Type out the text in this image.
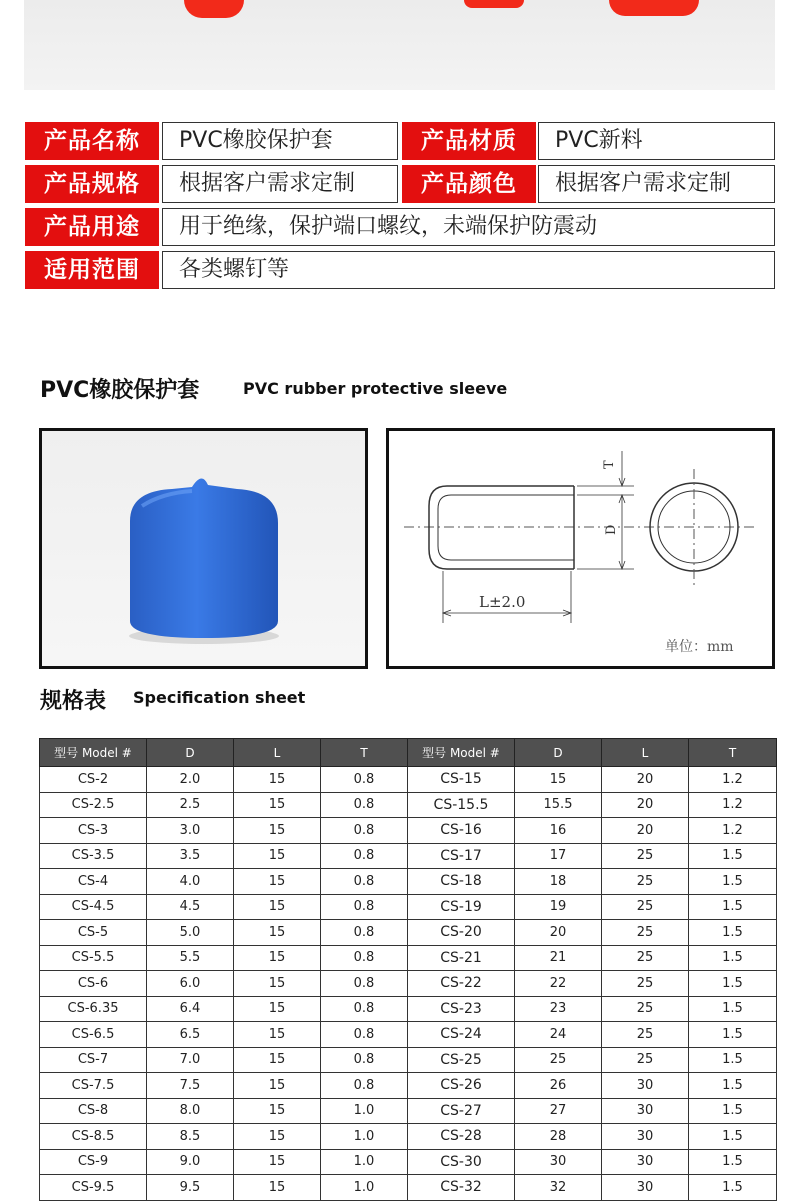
产品名称	PVC橡胶保护套	产品材质	PVC新料
产品规格	根据客户需求定制	产品颜色	根据客户需求定制
产品用途	用于绝缘，保护端口螺纹，未端保护防震动
适用范围	各类螺钉等
PVC橡胶保护套	PVC rubber protective sleeve
D
T
L±2.0
单位：mm
规格表 Specification sheet
型号 Model #	D	L	T	型号 Model #	D	L	T
CS-2	2.0	15	0.8	CS-15	15	20	1.2
CS-2.5	2.5	15	0.8	CS-15.5	15.5	20	1.2
CS-3	3.0	15	0.8	CS-16	16	20	1.2
CS-3.5	3.5	15	0.8	CS-17	17	25	1.5
CS-4	4.0	15	0.8	CS-18	18	25	1.5
CS-4.5	4.5	15	0.8	CS-19	19	25	1.5
CS-5	5.0	15	0.8	CS-20	20	25	1.5
CS-5.5	5.5	15	0.8	CS-21	21	25	1.5
CS-6	6.0	15	0.8	CS-22	22	25	1.5
CS-6.35	6.4	15	0.8	CS-23	23	25	1.5
CS-6.5	6.5	15	0.8	CS-24	24	25	1.5
CS-7	7.0	15	0.8	CS-25	25	25	1.5
CS-7.5	7.5	15	0.8	CS-26	26	30	1.5
CS-8	8.0	15	1.0	CS-27	27	30	1.5
CS-8.5	8.5	15	1.0	CS-28	28	30	1.5
CS-9	9.0	15	1.0	CS-30	30	30	1.5
CS-9.5	9.5	15	1.0	CS-32	32	30	1.5
